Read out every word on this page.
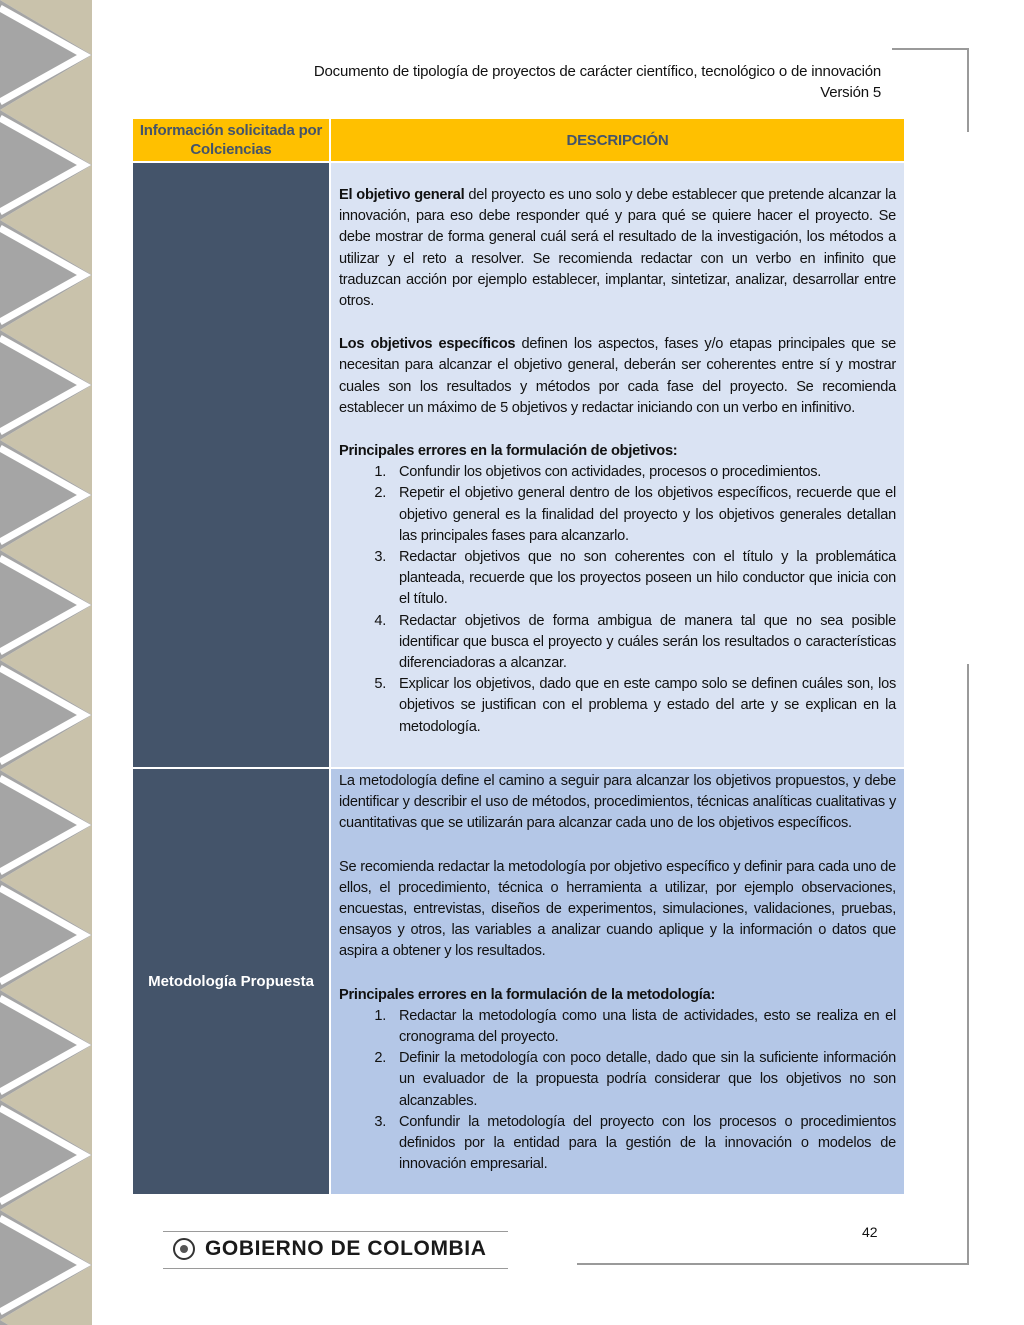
Documento de tipología de proyectos de carácter científico, tecnológico o de innovación
Versión 5
Información solicitada por Colciencias
DESCRIPCIÓN

El objetivo general del proyecto es uno solo y debe establecer que pretende alcanzar la innovación, para eso debe responder qué y para qué se quiere hacer el proyecto. Se debe mostrar de forma general cuál será el resultado de la investigación, los métodos a utilizar y el reto a resolver. Se recomienda redactar con un verbo en infinito que traduzcan acción por ejemplo establecer, implantar, sintetizar, analizar, desarrollar entre otros.

Los objetivos específicos definen los aspectos, fases y/o etapas principales que se necesitan para alcanzar el objetivo general, deberán ser coherentes entre sí y mostrar cuales son los resultados y métodos por cada fase del proyecto. Se recomienda establecer un máximo de 5 objetivos y redactar iniciando con un verbo en infinitivo.

Principales errores en la formulación de objetivos:

1. Confundir los objetivos con actividades, procesos o procedimientos.
2. Repetir el objetivo general dentro de los objetivos específicos, recuerde que el objetivo general es la finalidad del proyecto y los objetivos generales detallan las principales fases para alcanzarlo.
3. Redactar objetivos que no son coherentes con el título y la problemática planteada, recuerde que los proyectos poseen un hilo conductor que inicia con el título.
4. Redactar objetivos de forma ambigua de manera tal que no sea posible identificar que busca el proyecto y cuáles serán los resultados o características diferenciadoras a alcanzar.
5. Explicar los objetivos, dado que en este campo solo se definen cuáles son, los objetivos se justifican con el problema y estado del arte y se explican en la metodología.
Metodología Propuesta

La metodología define el camino a seguir para alcanzar los objetivos propuestos, y debe identificar y describir el uso de métodos, procedimientos, técnicas analíticas cualitativas y cuantitativas que se utilizarán para alcanzar cada uno de los objetivos específicos.

Se recomienda redactar la metodología por objetivo específico y definir para cada uno de ellos, el procedimiento, técnica o herramienta a utilizar, por ejemplo observaciones, encuestas, entrevistas, diseños de experimentos, simulaciones, validaciones, pruebas, ensayos y otros, las variables a analizar cuando aplique y la información o datos que aspira a obtener y los resultados.

Principales errores en la formulación de la metodología:

1. Redactar la metodología como una lista de actividades, esto se realiza en el cronograma del proyecto.
2. Definir la metodología con poco detalle, dado que sin la suficiente información un evaluador de la propuesta podría considerar que los objetivos no son alcanzables.
3. Confundir la metodología del proyecto con los procesos o procedimientos definidos por la entidad para la gestión de la innovación o modelos de innovación empresarial.
42
GOBIERNO DE COLOMBIA
